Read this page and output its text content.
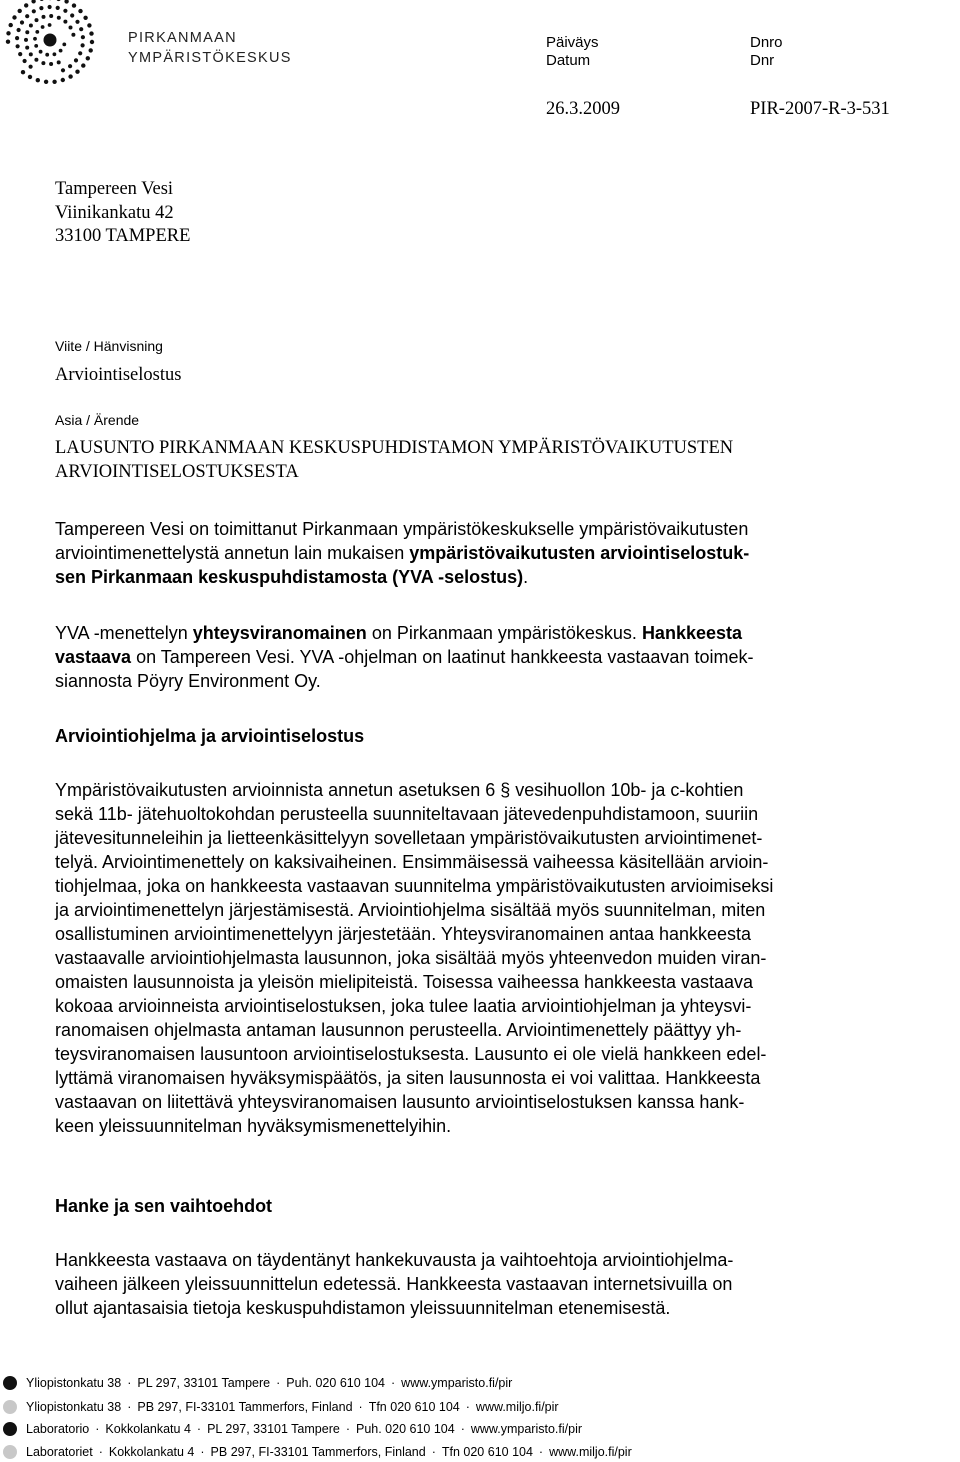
PIRKANMAAN
YMPÄRISTÖKESKUS
Päiväys
Datum
Dnro
Dnr
26.3.2009	PIR-2007-R-3-531
Tampereen Vesi
Viinikankatu 42
33100 TAMPERE
Viite / Hänvisning
Arviointiselostus
Asia / Ärende
LAUSUNTO PIRKANMAAN KESKUSPUHDISTAMON YMPÄRISTÖVAIKUTUSTEN
ARVIOINTISELOSTUKSESTA
Tampereen Vesi on toimittanut Pirkanmaan ympäristökeskukselle ympäristövaikutusten
arviointimenettelystä annetun lain mukaisen ympäristövaikutusten arviointiselostuk-
sen Pirkanmaan keskuspuhdistamosta (YVA -selostus).
YVA -menettelyn yhteysviranomainen on Pirkanmaan ympäristökeskus. Hankkeesta
vastaava on Tampereen Vesi. YVA -ohjelman on laatinut hankkeesta vastaavan toimek-
siannosta Pöyry Environment Oy.
Arviointiohjelma ja arviointiselostus
Ympäristövaikutusten arvioinnista annetun asetuksen 6 § vesihuollon 10b- ja c-kohtien
sekä 11b- jätehuoltokohdan perusteella suunniteltavaan jätevedenpuhdistamoon, suuriin
jätevesitunneleihin ja lietteenkäsittelyyn sovelletaan ympäristövaikutusten arviointimenet-
telyä. Arviointimenettely on kaksivaiheinen. Ensimmäisessä vaiheessa käsitellään arvioin-
tiohjelmaa, joka on hankkeesta vastaavan suunnitelma ympäristövaikutusten arvioimiseksi
ja arviointimenettelyn järjestämisestä. Arviointiohjelma sisältää myös suunnitelman, miten
osallistuminen arviointimenettelyyn järjestetään. Yhteysviranomainen antaa hankkeesta
vastaavalle arviointiohjelmasta lausunnon, joka sisältää myös yhteenvedon muiden viran-
omaisten lausunnoista ja yleisön mielipiteistä. Toisessa vaiheessa hankkeesta vastaava
kokoaa arvioinneista arviointiselostuksen, joka tulee laatia arviointiohjelman ja yhteysvi-
ranomaisen ohjelmasta antaman lausunnon perusteella. Arviointimenettely päättyy yh-
teysviranomaisen lausuntoon arviointiselostuksesta. Lausunto ei ole vielä hankkeen edel-
lyttämä viranomaisen hyväksymispäätös, ja siten lausunnosta ei voi valittaa. Hankkeesta
vastaavan on liitettävä yhteysviranomaisen lausunto arviointiselostuksen kanssa hank-
keen yleissuunnitelman hyväksymismenettelyihin.
Hanke ja sen vaihtoehdot
Hankkeesta vastaava on täydentänyt hankekuvausta ja vaihtoehtoja arviointiohjelma-
vaiheen jälkeen yleissuunnittelun edetessä. Hankkeesta vastaavan internetsivuilla on
ollut ajantasaisia tietoja keskuspuhdistamon yleissuunnitelman etenemisestä.
Yliopistonkatu 38 · PL 297, 33101 Tampere · Puh. 020 610 104 · www.ymparisto.fi/pir
Yliopistonkatu 38 · PB 297, FI-33101 Tammerfors, Finland · Tfn 020 610 104 · www.miljo.fi/pir
Laboratorio · Kokkolankatu 4 · PL 297, 33101 Tampere · Puh. 020 610 104 · www.ymparisto.fi/pir
Laboratoriet · Kokkolankatu 4 · PB 297, FI-33101 Tammerfors, Finland · Tfn 020 610 104 · www.miljo.fi/pir
